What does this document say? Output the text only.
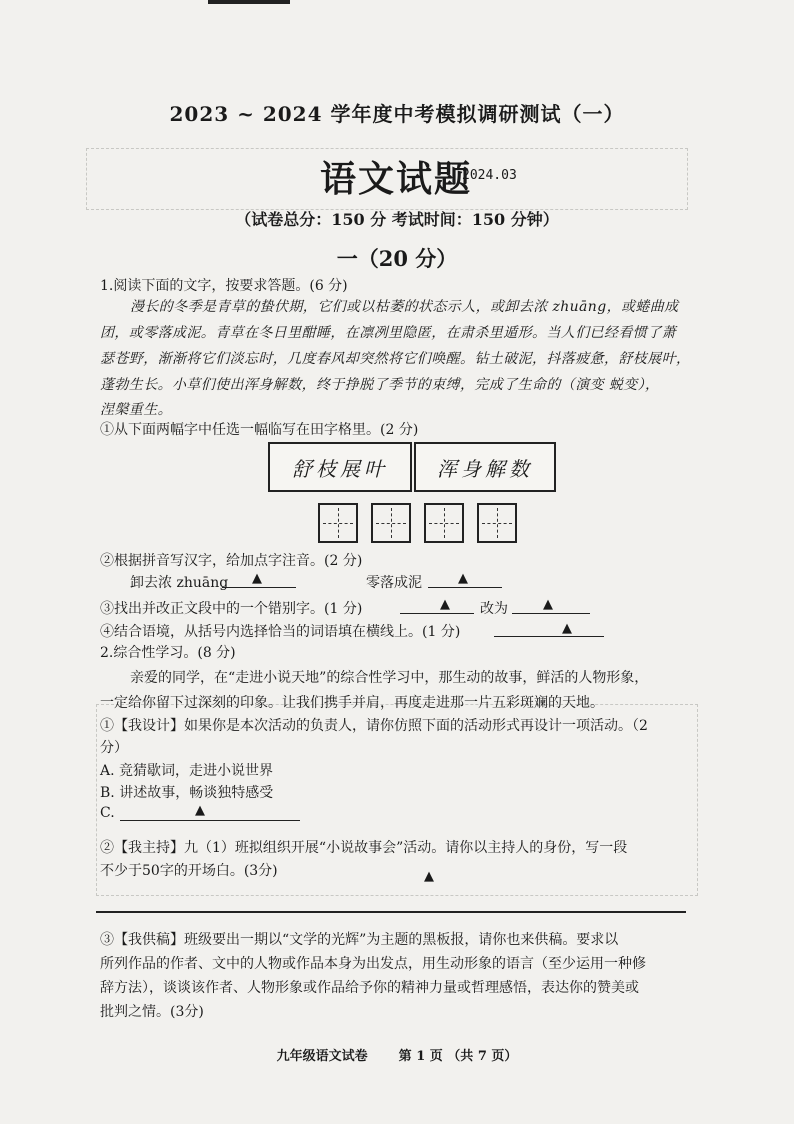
2023 ~ 2024 学年度中考模拟调研测试（一）
语文试题
2024.03
（试卷总分：150 分 考试时间：150 分钟）
一（20 分）
1.阅读下面的文字，按要求答题。(6 分)
漫长的冬季是青草的蛰伏期，它们或以枯萎的状态示人，或卸去浓 zhuāng，或蜷曲成
团，或零落成泥。青草在冬日里酣睡，在凛冽里隐匿，在肃杀里遁形。当人们已经看惯了萧
瑟苍野，渐渐将它们淡忘时，几度春风却突然将它们唤醒。钻土破泥，抖落疲惫，舒枝展叶，
蓬勃生长。小草们使出浑身解数，终于挣脱了季节的束缚，完成了生命的（演变 蜕变），
涅槃重生。
①从下面两幅字中任选一幅临写在田字格里。(2 分)
舒枝展叶	浑身解数
②根据拼音写汉字，给加点字注音。(2 分)
卸去浓 zhuāng ▲	零落成泥	▲
③找出并改正文段中的一个错别字。(1 分)	▲ 改为	▲
④结合语境，从括号内选择恰当的词语填在横线上。(1 分)	▲
2.综合性学习。(8 分)
亲爱的同学，在“走进小说天地”的综合性学习中，那生动的故事，鲜活的人物形象，
一定给你留下过深刻的印象。让我们携手并肩，再度走进那一片五彩斑斓的天地。
①【我设计】如果你是本次活动的负责人，请你仿照下面的活动形式再设计一项活动。（2
分）
A. 竞猜歇词，走进小说世界
B. 讲述故事，畅谈独特感受
C.	▲
②【我主持】九（1）班拟组织开展“小说故事会”活动。请你以主持人的身份，写一段
不少于50字的开场白。(3分)	▲
③【我供稿】班级要出一期以“文学的光辉”为主题的黑板报，请你也来供稿。要求以
所列作品的作者、文中的人物或作品本身为出发点，用生动形象的语言（至少运用一种修
辞方法），谈谈该作者、人物形象或作品给予你的精神力量或哲理感悟，表达你的赞美或
批判之情。(3分)
九年级语文试卷 第 1 页 （共 7 页）
